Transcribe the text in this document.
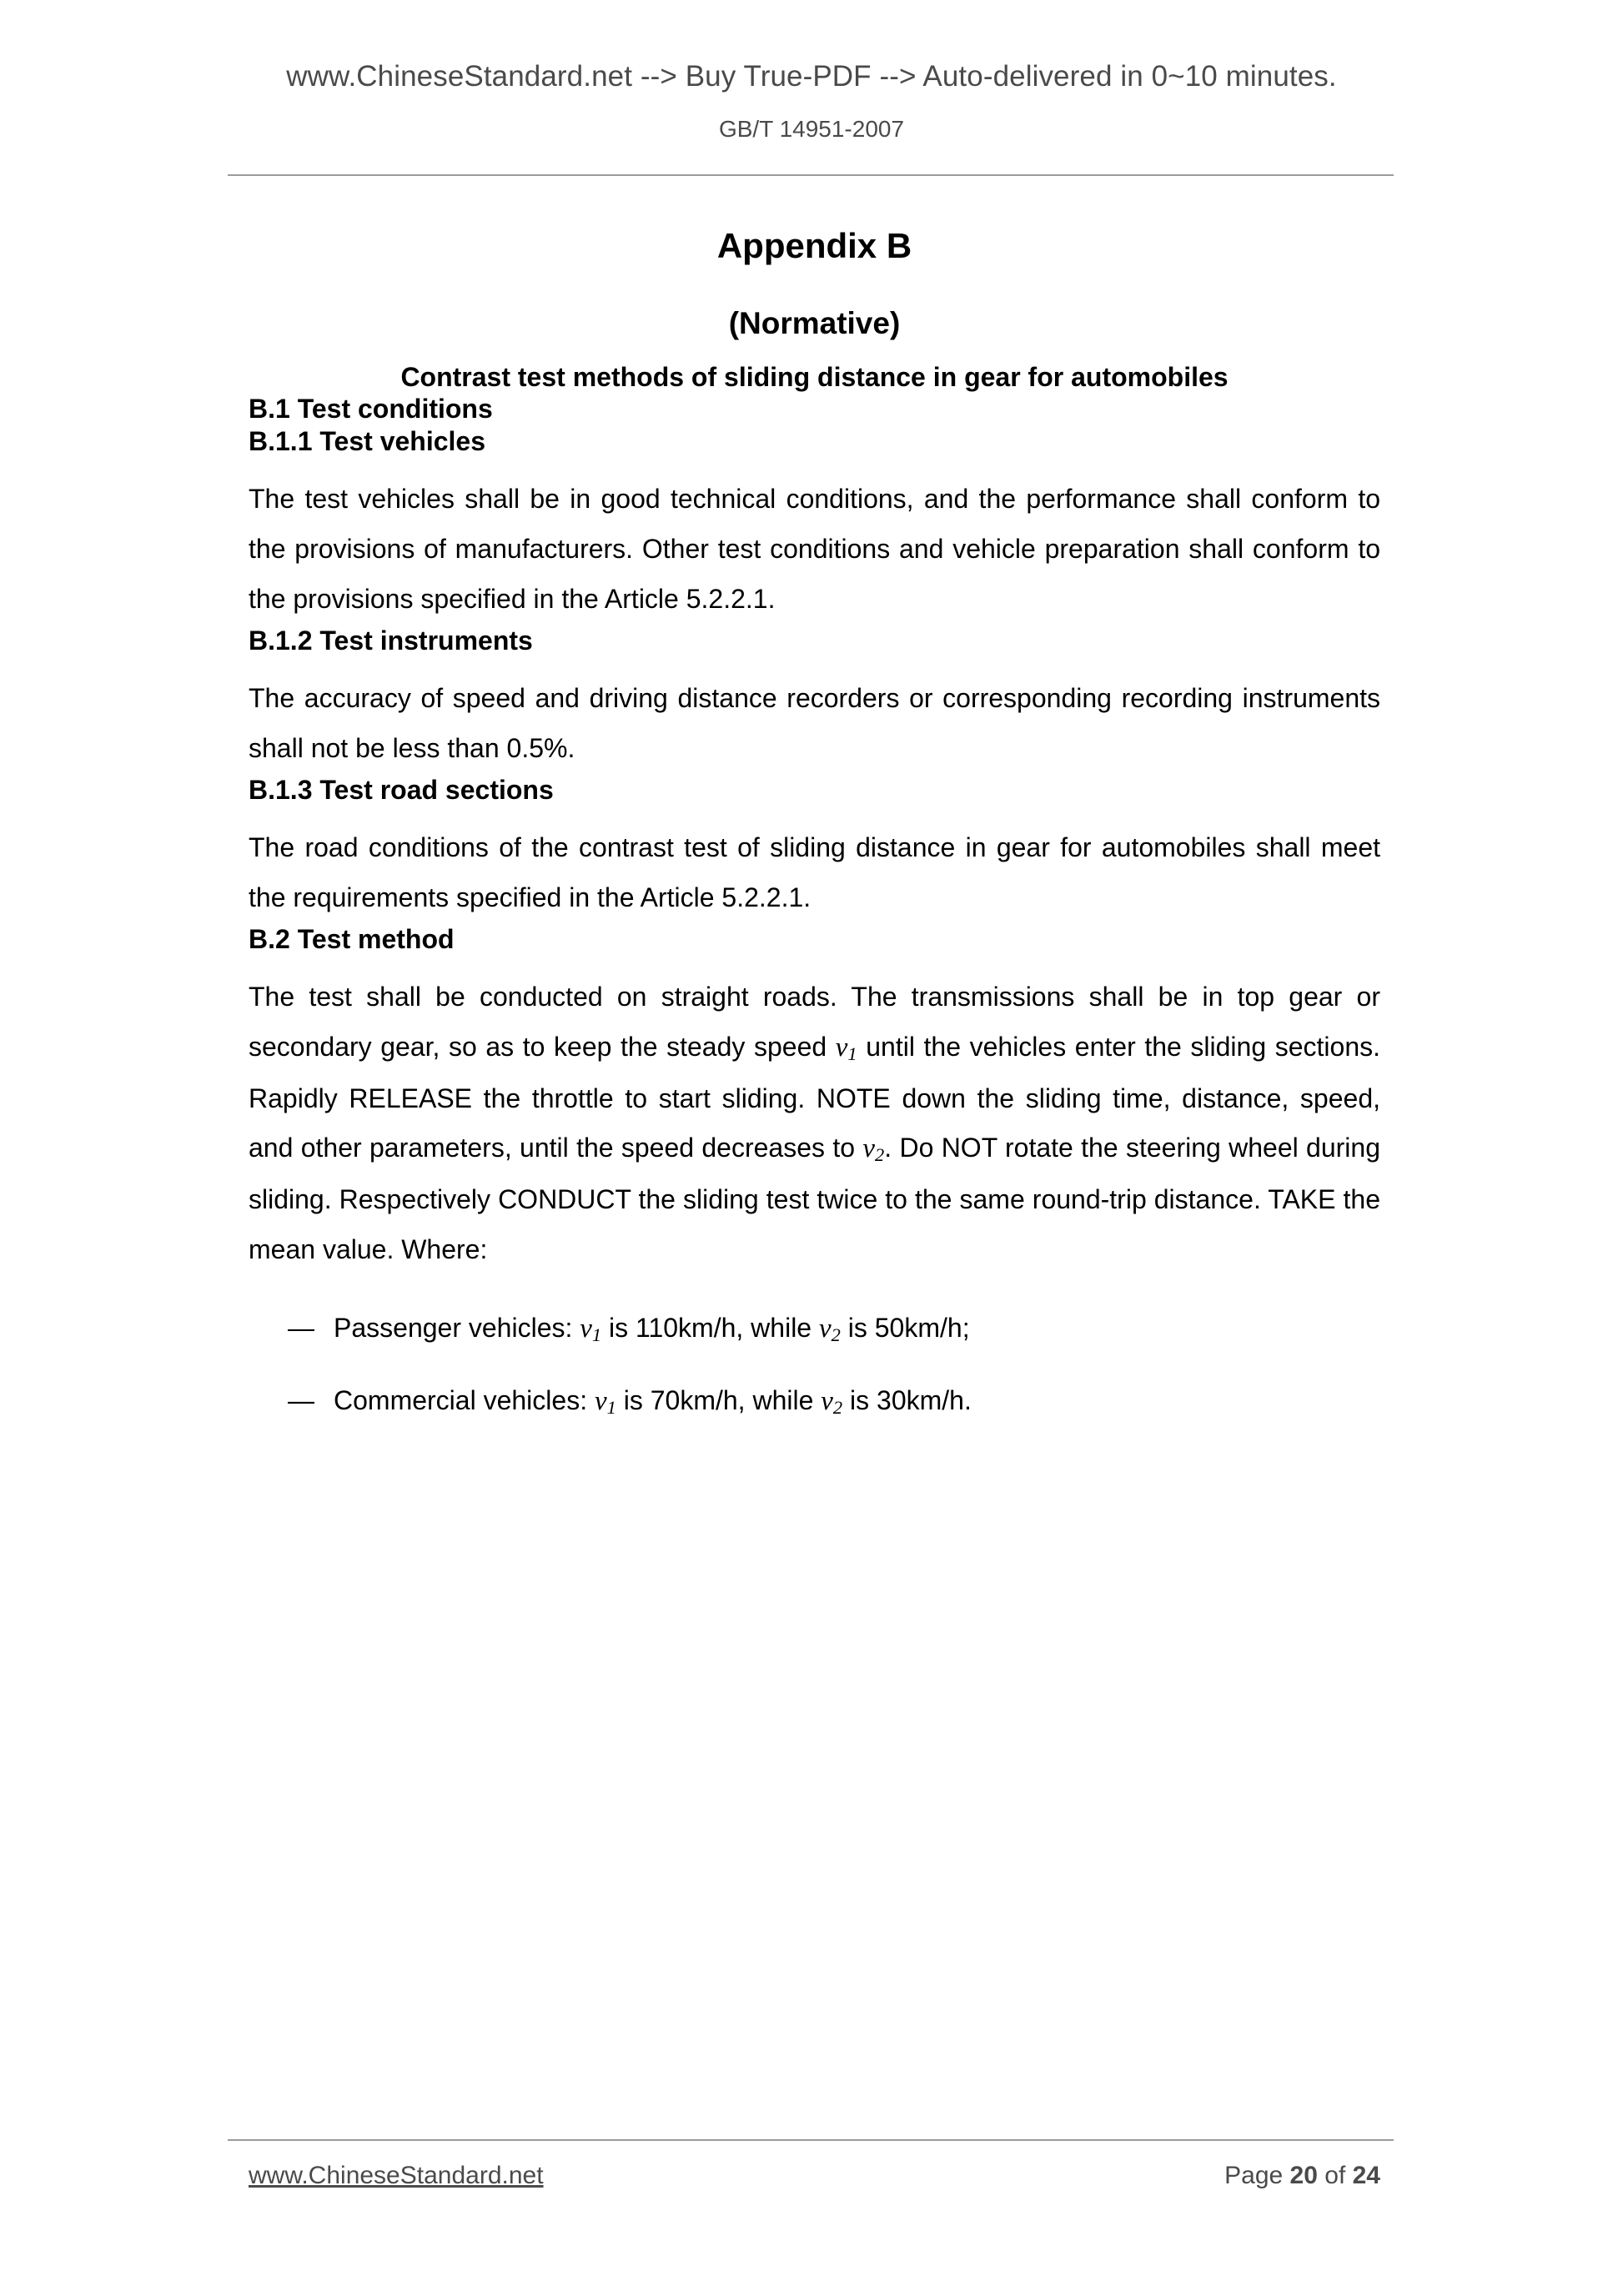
www.ChineseStandard.net --> Buy True-PDF --> Auto-delivered in 0~10 minutes.
GB/T 14951-2007
Appendix B
(Normative)
Contrast test methods of sliding distance in gear for automobiles
B.1 Test conditions
B.1.1 Test vehicles

The test vehicles shall be in good technical conditions, and the performance shall conform to the provisions of manufacturers. Other test conditions and vehicle preparation shall conform to the provisions specified in the Article 5.2.2.1.

B.1.2 Test instruments

The accuracy of speed and driving distance recorders or corresponding recording instruments shall not be less than 0.5%.

B.1.3 Test road sections

The road conditions of the contrast test of sliding distance in gear for automobiles shall meet the requirements specified in the Article 5.2.2.1.

B.2 Test method

The test shall be conducted on straight roads. The transmissions shall be in top gear or secondary gear, so as to keep the steady speed $v_1$ until the vehicles enter the sliding sections. Rapidly RELEASE the throttle to start sliding. NOTE down the sliding time, distance, speed, and other parameters, until the speed decreases to $v_2$. Do NOT rotate the steering wheel during sliding. Respectively CONDUCT the sliding test twice to the same round-trip distance. TAKE the mean value. Where:

— Passenger vehicles: $v_1$ is 110km/h, while $v_2$ is 50km/h;
— Commercial vehicles: $v_1$ is 70km/h, while $v_2$ is 30km/h.
www.ChineseStandard.net	Page 20 of 24
